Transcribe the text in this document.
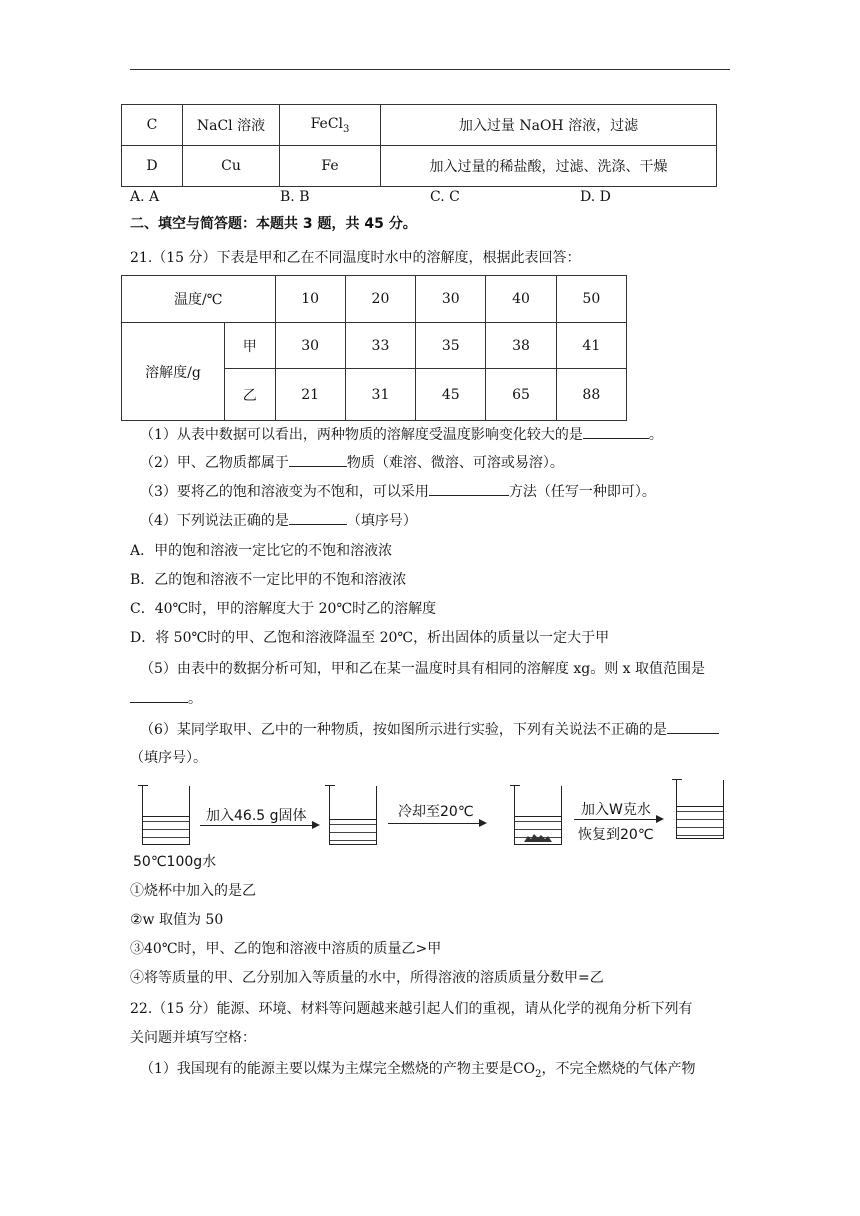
C	NaCl 溶液	FeCl$_3$	加入过量 NaOH 溶液，过滤
D	Cu	Fe	加入过量的稀盐酸，过滤、洗涤、干燥
A. A	B. B	C. C	D. D
二、填空与简答题：本题共 3 题，共 45 分。
21.（15 分）下表是甲和乙在不同温度时水中的溶解度，根据此表回答：
温度/℃		10	20	30	40	50
溶解度/g	甲	30	33	35	38	41
	乙	21	31	45	65	88
（1）从表中数据可以看出，两种物质的溶解度受温度影响变化较大的是	。
（2）甲、乙物质都属于	物质（难溶、微溶、可溶或易溶）。
（3）要将乙的饱和溶液变为不饱和，可以采用	方法（任写一种即可）。
（4）下列说法正确的是	（填序号）
A．甲的饱和溶液一定比它的不饱和溶液浓
B．乙的饱和溶液不一定比甲的不饱和溶液浓
C．40℃时，甲的溶解度大于 20℃时乙的溶解度
D．将 50℃时的甲、乙饱和溶液降温至 20℃，析出固体的质量以一定大于甲
（5）由表中的数据分析可知，甲和乙在某一温度时具有相同的溶解度 xg。则 x 取值范围是
。
（6）某同学取甲、乙中的一种物质，按如图所示进行实验，下列有关说法不正确的是
（填序号）。
加入46.5 g固体	冷却至20℃	加入W克水
恢复到20℃
50℃100g水
①烧杯中加入的是乙
②w 取值为 50
③40℃时，甲、乙的饱和溶液中溶质的质量乙>甲
④将等质量的甲、乙分别加入等质量的水中，所得溶液的溶质质量分数甲=乙
22.（15 分）能源、环境、材料等问题越来越引起人们的重视，请从化学的视角分析下列有
关问题并填写空格：
（1）我国现有的能源主要以煤为主煤完全燃烧的产物主要是$CO_2$，不完全燃烧的气体产物
